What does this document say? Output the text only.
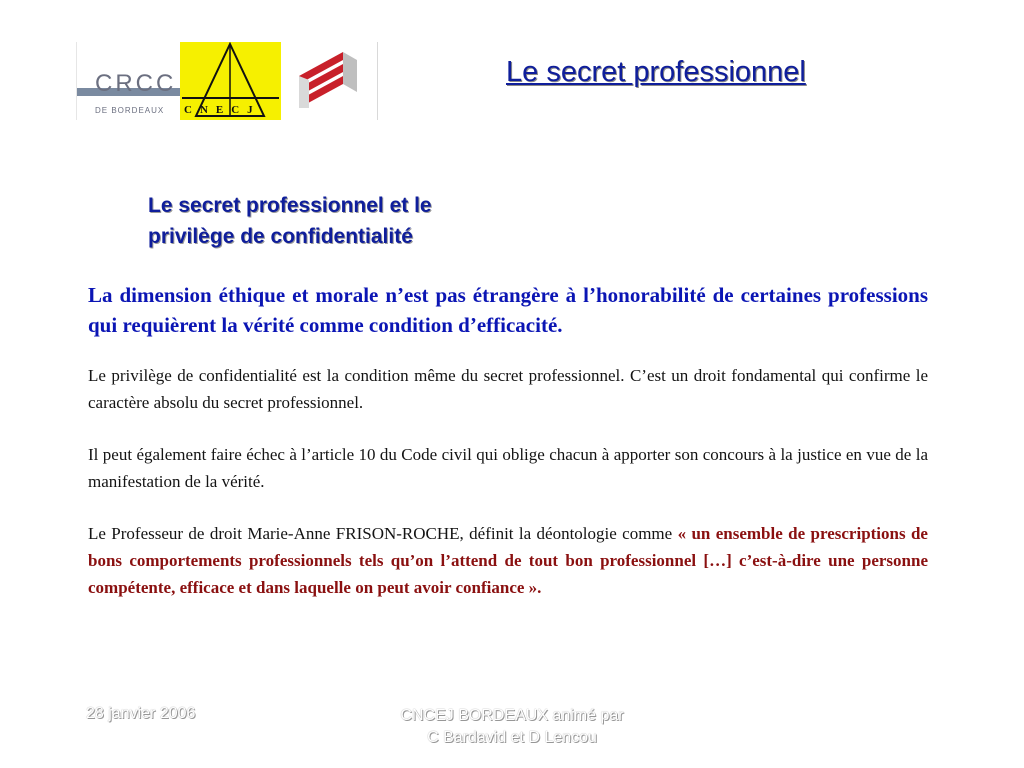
CRCC
DE BORDEAUX CNECJ
Le secret professionnel
Le secret professionnel et le
privilège de confidentialité

La dimension éthique et morale n’est pas étrangère à l’honorabilité de certaines professions qui requièrent la vérité comme condition d’efficacité.

Le privilège de confidentialité est la condition même du secret professionnel. C’est un droit fondamental qui confirme le caractère absolu du secret professionnel.

Il peut également faire échec à l’article 10 du Code civil qui oblige chacun à apporter son concours à la justice en vue de la manifestation de la vérité.

Le Professeur de droit Marie-Anne FRISON-ROCHE, définit la déontologie comme « un ensemble de prescriptions de bons comportements professionnels tels qu’on l’attend de tout bon professionnel […] c’est-à-dire une personne compétente, efficace et dans laquelle on peut avoir confiance ».

28 janvier 2006	CNCEJ BORDEAUX animé par
C Bardavid et D Lencou
